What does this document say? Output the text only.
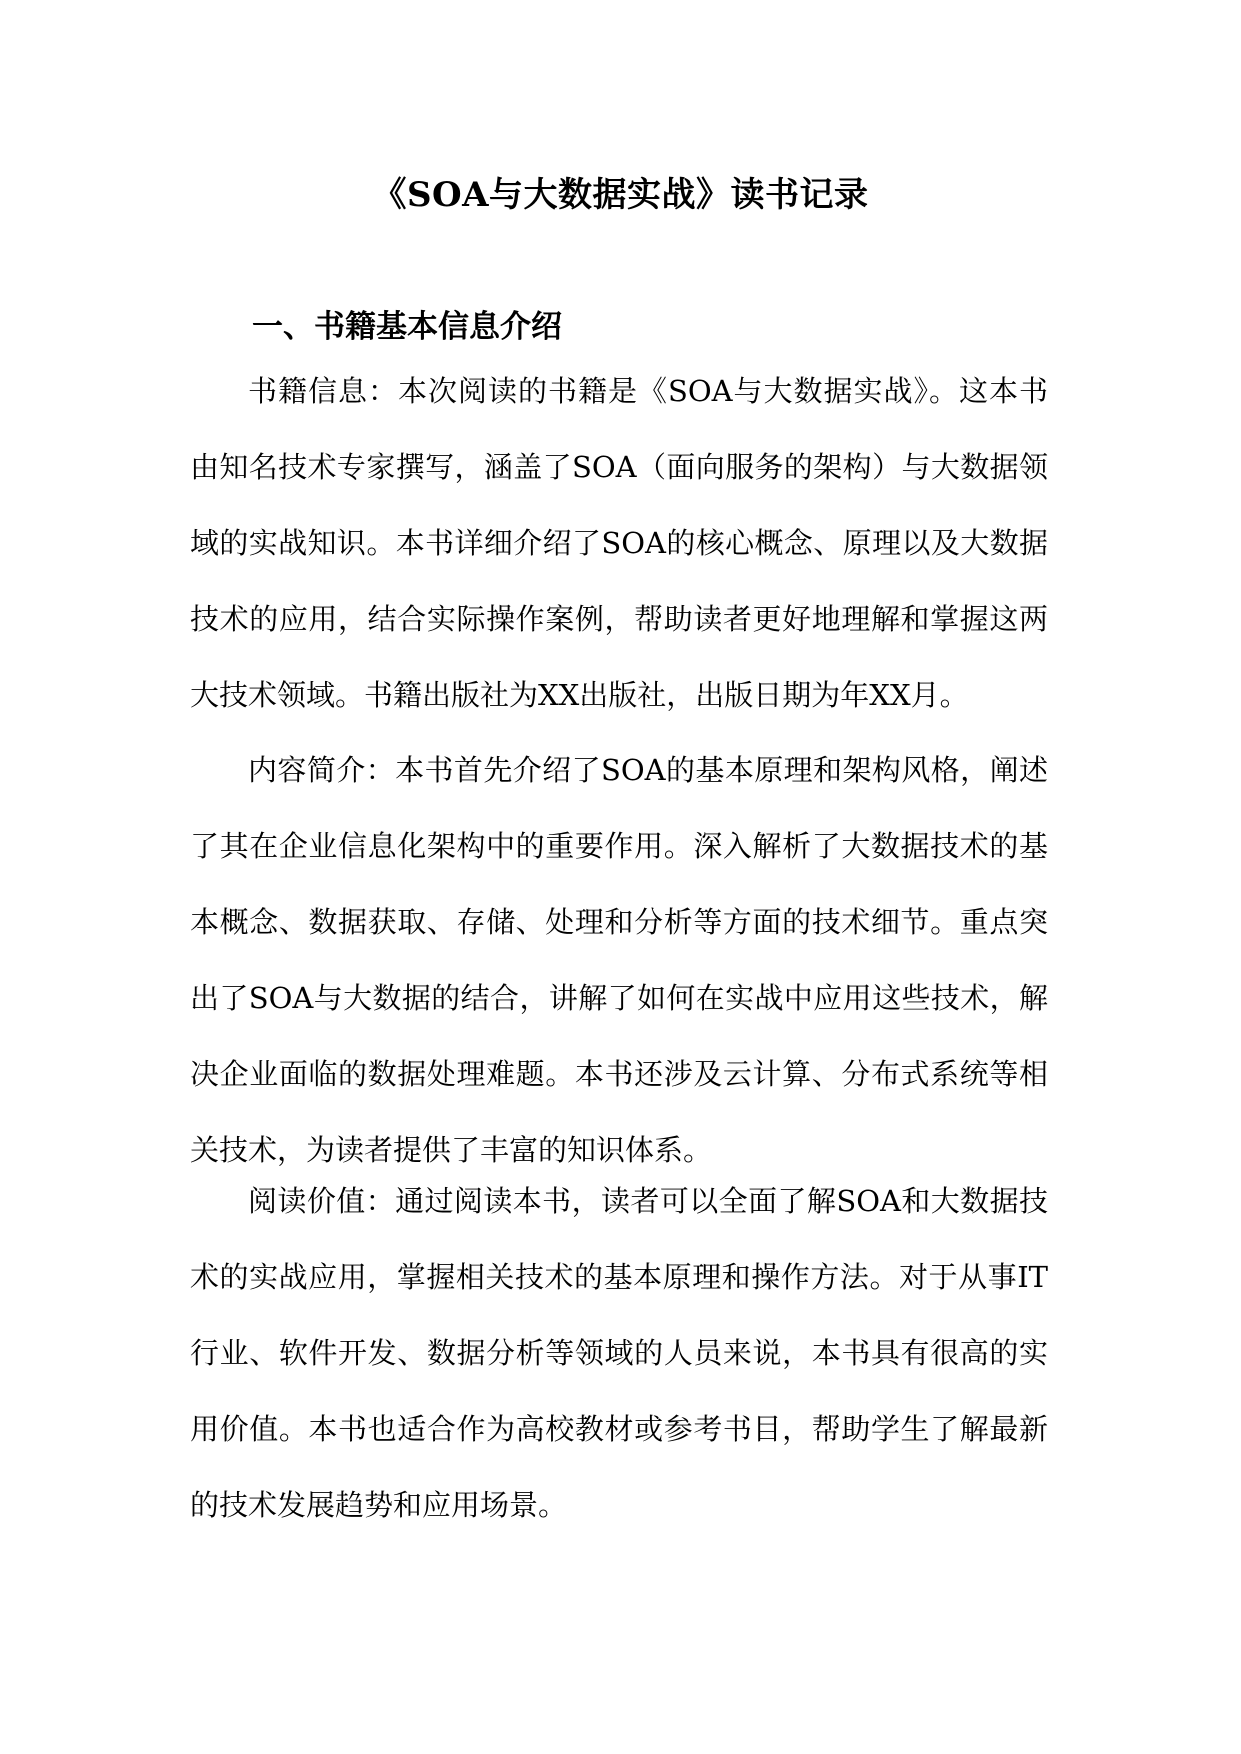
《SOA与大数据实战》读书记录
一、书籍基本信息介绍

书籍信息：本次阅读的书籍是《SOA与大数据实战》。这本书由知名技术专家撰写，涵盖了SOA（面向服务的架构）与大数据领域的实战知识。本书详细介绍了SOA的核心概念、原理以及大数据技术的应用，结合实际操作案例，帮助读者更好地理解和掌握这两大技术领域。书籍出版社为XX出版社，出版日期为年XX月。

内容简介：本书首先介绍了SOA的基本原理和架构风格，阐述了其在企业信息化架构中的重要作用。深入解析了大数据技术的基本概念、数据获取、存储、处理和分析等方面的技术细节。重点突出了SOA与大数据的结合，讲解了如何在实战中应用这些技术，解决企业面临的数据处理难题。本书还涉及云计算、分布式系统等相关技术，为读者提供了丰富的知识体系。

阅读价值：通过阅读本书，读者可以全面了解SOA和大数据技术的实战应用，掌握相关技术的基本原理和操作方法。对于从事IT行业、软件开发、数据分析等领域的人员来说，本书具有很高的实用价值。本书也适合作为高校教材或参考书目，帮助学生了解最新的技术发展趋势和应用场景。
